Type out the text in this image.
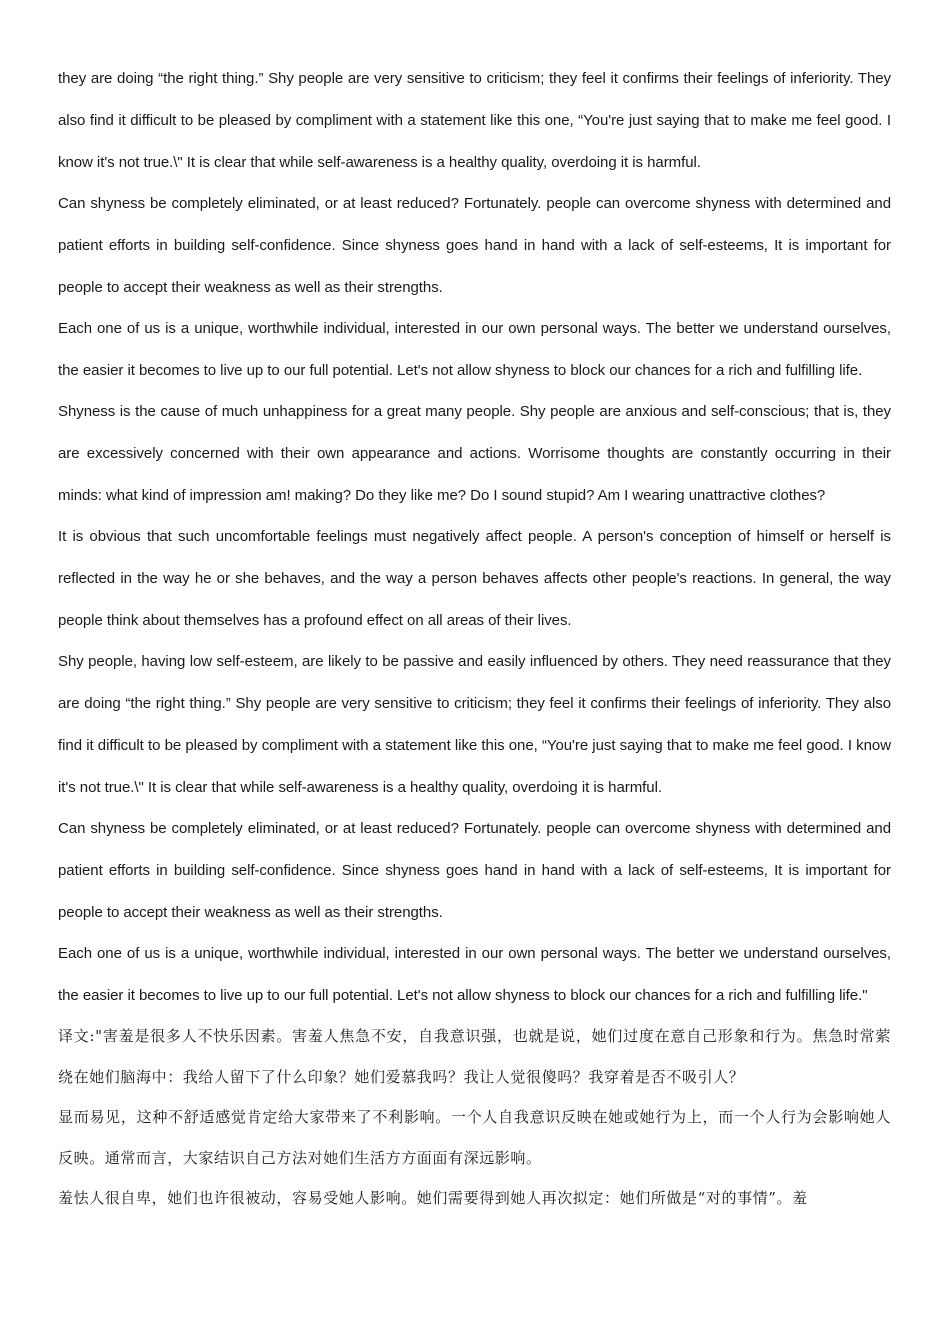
they are doing “the right thing.” Shy people are very sensitive to criticism; they feel it confirms their feelings of inferiority. They also find it difficult to be pleased by compliment with a statement like this one, “You're just saying that to make me feel good. I know it's not true.\" It is clear that while self-awareness is a healthy quality, overdoing it is harmful.

Can shyness be completely eliminated, or at least reduced? Fortunately. people can overcome shyness with determined and patient efforts in building self-confidence. Since shyness goes hand in hand with a lack of self-esteems, It is important for people to accept their weakness as well as their strengths.

Each one of us is a unique, worthwhile individual, interested in our own personal ways. The better we understand ourselves, the easier it becomes to live up to our full potential. Let's not allow shyness to block our chances for a rich and fulfilling life.

Shyness is the cause of much unhappiness for a great many people. Shy people are anxious and self-conscious; that is, they are excessively concerned with their own appearance and actions. Worrisome thoughts are constantly occurring in their minds: what kind of impression am! making? Do they like me? Do I sound stupid? Am I wearing unattractive clothes?

It is obvious that such uncomfortable feelings must negatively affect people. A person's conception of himself or herself is reflected in the way he or she behaves, and the way a person behaves affects other people's reactions. In general, the way people think about themselves has a profound effect on all areas of their lives.

Shy people, having low self-esteem, are likely to be passive and easily influenced by others. They need reassurance that they are doing “the right thing.” Shy people are very sensitive to criticism; they feel it confirms their feelings of inferiority. They also find it difficult to be pleased by compliment with a statement like this one, “You're just saying that to make me feel good. I know it's not true.\" It is clear that while self-awareness is a healthy quality, overdoing it is harmful.

Can shyness be completely eliminated, or at least reduced? Fortunately. people can overcome shyness with determined and patient efforts in building self-confidence. Since shyness goes hand in hand with a lack of self-esteems, It is important for people to accept their weakness as well as their strengths.

Each one of us is a unique, worthwhile individual, interested in our own personal ways. The better we understand ourselves, the easier it becomes to live up to our full potential. Let's not allow shyness to block our chances for a rich and fulfilling life."

译文:"害羞是很多人不快乐因素。害羞人焦急不安，自我意识强，也就是说，她们过度在意自己形象和行为。焦急时常萦绕在她们脑海中：我给人留下了什么印象？她们爱慕我吗？我让人觉很傻吗？我穿着是否不吸引人？

显而易见，这种不舒适感觉肯定给大家带来了不利影响。一个人自我意识反映在她或她行为上，而一个人行为会影响她人反映。通常而言，大家结识自己方法对她们生活方方面面有深远影响。

羞怯人很自卑，她们也许很被动，容易受她人影响。她们需要得到她人再次拟定：她们所做是“对的事情”。羞
